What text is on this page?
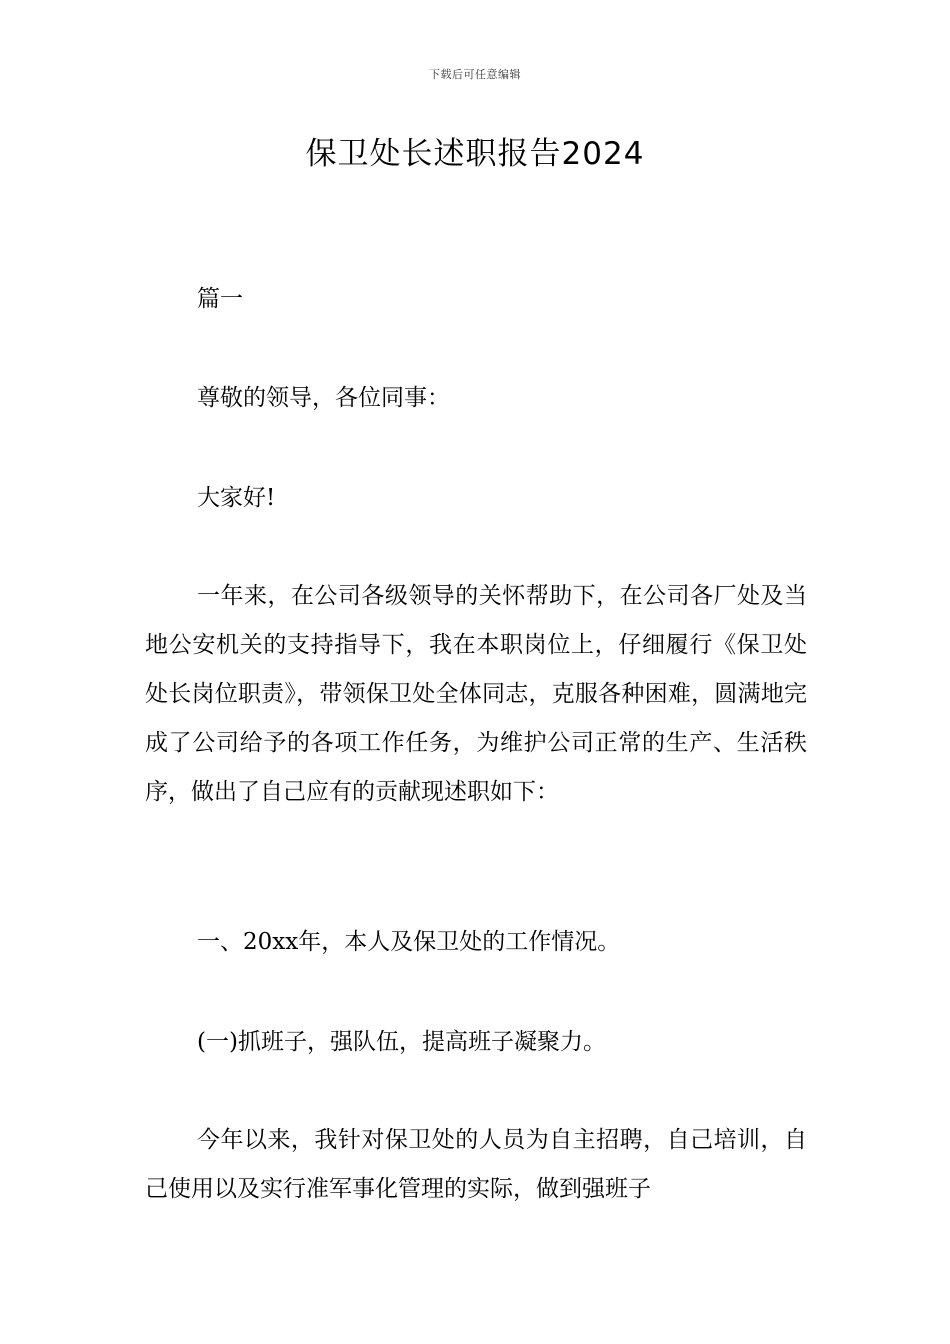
下载后可任意编辑
保卫处长述职报告2024

篇一

尊敬的领导，各位同事：

大家好!

一年来，在公司各级领导的关怀帮助下，在公司各厂处及当地公安机关的支持指导下，我在本职岗位上，仔细履行《保卫处处长岗位职责》，带领保卫处全体同志，克服各种困难，圆满地完成了公司给予的各项工作任务，为维护公司正常的生产、生活秩序，做出了自己应有的贡献现述职如下：

一、20xx年，本人及保卫处的工作情况。

(一)抓班子，强队伍，提高班子凝聚力。

今年以来，我针对保卫处的人员为自主招聘，自己培训，自己使用以及实行准军事化管理的实际，做到强班子
